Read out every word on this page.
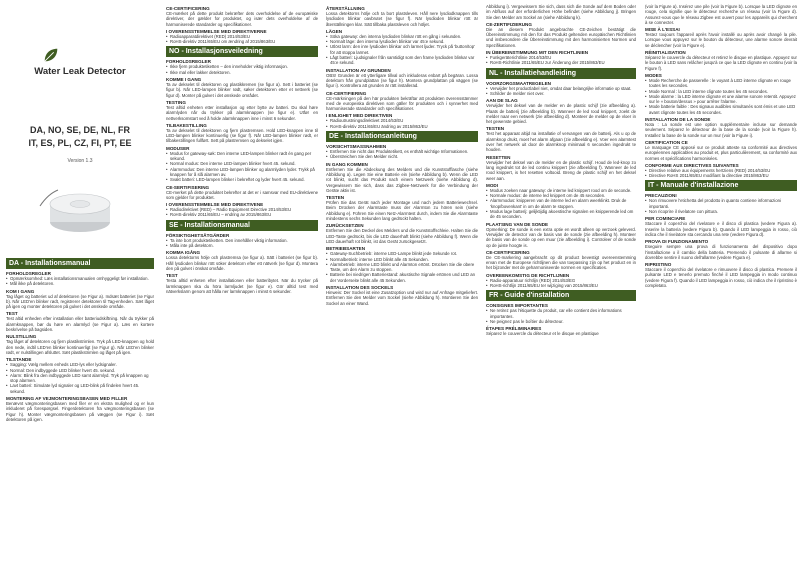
Water Leak Detector
DA, NO, SE, DE, NL, FR
IT, ES, PL, CZ, FI, PT, EE
Version 1.3
DA - Installationsmanual
FORHOLDSREGLER
• Opmærksomhed: Læs installationsmanualen omhyggeligt før installation.
• Mål ikke på detektoren.
KOM I GANG
Tag låget og batteriet ud af detektoren (se Figur a). Indsæt batteriet (se Figur b). Når LED'en blinker rødt, registrerer detektoren til Tag-enheden. Sæt låget på igen og monter detektoren på gulvet i det ønskede område.
TEST
Test altid enheden efter installation eller batteriudskiftning. Når du trykker på alarmknappen, bør du høre en alarmlyd (se Figur a). Læs en kortere beskrivelse på bagsiden.
NULSTILLING
Tag låget af detektoren og fjern plastikstrimlen. Tryk på LED-knappen og hold den nede, indtil LED'en blinker kontinuerligt (se Figur g). Når LED'en blinker rødt, er nulstillingen afsluttet. Sæt plastikstrimlen og låget på igen.
TILSTANDE
• Sagging: Vælg mellem enheds LED-lys eller lydsignaler.
• Normal: Den indbyggede LED blinker hvert 45. sekund.
• Alarm: Blink fra den indbyggede LED samt alarmlyd. Tryk på knappen og stop alarmen.
• Lavt batteri: Simulate lyd signaler og LED-blink på findelen hvert 45. sekund.
MONTERING AF VEJMONTERINGSBASEN MED FILLER
Benævnt vægmonteringsbasen med filer er en ekstra mulighed og er kun inkluderet på forespørgsel. Fingerdetektoren fra vægmonteringsbasen (se Figur h). Monter vægmonteringsbasen på væggen (se Figur i). Sæt detektoren på igen.
CE-CERTIFICERING
CE-mærket på dette produkt bekræfter dets overholdelse af de europæiske direktiver, der gælder for produktet, og især dets overholdelse af de harmoniserede standarder og specifikationer.
I OVERENSSTEMMELSE MED DIREKTIVERNE
• Radioapparatdirektivet (RED) 2014/53/EU
• RoHS-direktiv 2011/65/EU om ændring af 2015/863/EU
NO - Installasjonsveiledning
FORHOLDSREGLER
• Ikke fjern produktetiketten – den inneholder viktig informasjon.
• Ikke mal eller lakker detektoren.
KOMME I GANG
Ta av dekselet til detektoren og plastikkremen (se figur a). Sett i batteriet (se figur b). Når LED-lampen blinker rødt, søker detektoren etter et nettverk (se figur d). Monter på gulvet i det ønskede området.
TESTING
Test alltid enheten etter installasjon og etter bytte av batteri. Du skal høre alarmlyden når du trykker på alarmknappen (se figur e). Utfør en nettverksomstart ved å holde alarmknappen inne i minst 6 sekunder.
TILBAKESTILLING
Ta av dekselet til detektoren og fjern plastremsen. Hold LED-knappen inne til LED-lampen blinker kontinuerlig (se figur f). Når LED-lampen blinker rødt, er tilbakestillingen fullført. Sett på plastremsen og dekselet igjen.
MODUSER
• Modus for gateway-søk: Den interne LED-lampen blinker rødt én gang per sekund.
• Normal modus: Den interne LED-lampen blinker hvert 45. sekund.
• Alarmmodus: Den interne LED-lampen blinker og alarmlyden lyder. Trykk på knappen for å slå alarmen av.
• Svakt batteri: LED-lampen blinker i bekreftet og lyder hvert 45. sekund.
CE-SERTIFISERING
CE-merket på dette produktet bekrefter at det er i samsvar med EU-direktivene som gjelder for produktet.
I OVERENSSTEMMELSE MED DIREKTIVENE
• Radiodirektivet (RED) – Radio Equipment Directive 2014/53/EU
• RoHS-direktiv 2011/65/EU – endring av 2015/863/EU
SE - Installationsmanual
FÖRSIKTIGHETSÅTGÄRDER
• Ta inte bort produktetiketten. Den innehåller viktig information.
• Måla inte på detektorn.
KOMMA IGÅNG
Lossa detektorns hölje och plastremsa (se figur a). Sätt i batteriet (se figur b). Håll lysdioden blinkar rött söker detektorn efter ett nätverk (se figur d). Montera den på golvet i önskat område.
TEST
Testa alltid enheten efter installationen eller batteribytet. När du trycker på larmknappen ska du höra larmljudet (se figur e). Gör alltid test med nätverkslarm genom att hålla ner larmknappen i minst 6 sekunder.
ÅTERSTÄLLNING
Lossa detektorns hölje och ta bort plastsleven. Håll nere lysdiodknappen tills lysdioden blinkar oavbrutet (se figur f). När lysdioden blinkar rött är återställningen klar. Sätt tillbaka plastsleven och höljet.
LÄGEN
• Söka gateway: den interna lysdioden blinkar rött en gång i sekunden.
• Normalt läge: den interna lysdioden blinkar var 45:e sekund.
• Utlöst larm: den inre lysdioden blinkar och larmet ljuder. Tryck på 'button/top' för att stoppa larmet.
• Lågt batteri: Ljudsignaler från samtidigt som den frame lysdioden blinkar var 45:e sekund.
INSTALLATION AV GRUNDEN
OBS! Grunden är ett ytterligare tillval och inkluderas enbart på begäran. Lossa detektorn från grundplattan (se figur h). Montera grundplattan på väggen (se figur i). Kontrollera att grunden är rätt installerad.
CE-CERTIFIERING
CE-märkningen på den här produkten bekräftar att produkten överensstämmer med de europeiska direktiven som gäller för produkten och i synnerhet med harmoniserade standarder och specifikationer.
I ENLIGHET MED DIREKTIVEN
• Radioutrustningsdirektivet 2014/53/EU
• RoHS-direktiv 2011/65/EU ändring av 2015/863/EU
DE - Installationsanleitung
VORSICHTSMASSNAHMEN
• Entfernen Sie nicht das Produktetikett, es enthält wichtige Informationen.
• Überstreichen Sie den Melder nicht.
IN GANG KOMMEN
Entfernen Sie die Abdeckung des Melders und die Kunststofflasche (siehe Abbildung a). Legen Sie eine Batterie ein (siehe Abbildung b). Wenn die LED rot blinkt, sucht das Produkt nach einem Netzwerk (siehe Abbildung d). Vergewissern Sie sich, dass das Zigbee-Netzwerk für die Verbindung der Geräte aktiv ist.
TESTEN
Prüfen Sie das Gerät nach jeder Montage und nach jedem Batteriewechsel. Beim Drücken der Alarmtaste muss der Alarmton zu hören sein (siehe Abbildung e). Führen Sie einen Netz-Alarmtest durch, indem Sie die Alarmtaste mindestens sechs Sekunden lang gedrückt halten.
ZURÜCKSETZEN
Entfernen Sie den Deckel des Melders und die Kunststoffschleie. Halten Sie die LED-Taste gedrückt, bis die LED dauerhaft blinkt (siehe Abbildung f). Wenn die LED dauerhaft rot blinkt, ist das Gerät zurückgesetzt.
BETRIEBSARTEN
• Gateway-Suchbetrieb: interne LED-Lampe blinkt jede Sekunde rot.
• Normalbetrieb: interne LED blinkt alle 45 Sekunden.
• Alarmbetrieb: interne LED blinkt und Alarmton ertönt. Drücken Sie die obere Taste, um den Alarm zu stoppen.
• Batterie bei niedrigen Batteriestand: akustische Signale ertönen und LED an der Vorderseite blinkt alle 45 Sekunden.
INSTALLATION DES SOCKELS
Hinweis: Der Sockel ist eine Zusatzoption und wird nur auf Anfrage mitgeliefert. Entfernen Sie den Melder vom Sockel (siehe Abbildung h). Montieren Sie den Sockel an einer Wand.
Abbildung i). Vergewissern Sie sich, dass sich die Sonde auf dem Boden oder im Abfluss auf der erforderlichen Höhe befindet (siehe Abbildung j). Bringen Sie den Melder am Sockel an (siehe Abbildung k).
CE-ZERTIFIZIERUNG
Die an diesem Produkt angebrachte CE-Zeichen bestätigt die Übereinstimmung mit den für das Produkt geltenden europäischen Richtlinien und insbesondere die Übereinstimmung mit den harmonisierten Normen und Spezifikationen.
IN ÜBEREINSTIMMUNG MIT DEN RICHTLINIEN
• Funkgeräterichtlinie 2014/53/EU
• RoHS-Richtlinie 2011/65/EU zur Änderung der 2015/863/EU
NL - Installatiehandleiding
VOORZORGSMAATREGELEN
• Verwijder het productlabel niet, omdat daar belangrijke informatie op staat.
• Schilder de melder niet over.
AAN DE SLAG
Verwijder het deksel van de melder en de plastic schijf (zie afbeelding a). Plaats de batterij (zie afbeelding b). Wanneer de led rood knippert, zoekt de melder naar een netwerk (zie afbeelding d). Monteer de melder op de vloer in het gewenste gebied.
TESTEN
Test het apparaat altijd na installatie of vervangen van de batterij. Als u op de alarmknop drukt, moet het alarm afgaan (zie afbeelding e). Voer een alarmtest over het netwerk uit door de alarmknop minimaal 6 seconden ingedrukt te houden.
RESETTEN
Verwijder het deksel van de melder en de plastic schijf. Houd de led-knop zo lang ingedrukt tot de led continu knippert (zie afbeelding f). Wanneer de led rood knippert, is het resetten voltooid. Breng de plastic schijf en het deksel weer aan.
MODI
• Modus zoeken naar gateway: de interne led knippert rood om de seconde.
• Normale modus: de interne led knippert om de 45 seconden.
• Alarmmodus: knipperen van de interne led en alarm weerklinkt. Druk de 'knop/bovenkant' in om de alarm te stoppen.
• Modus lage batterij: gelijktijdig akoestische signalen en knipperende led om de 45 seconden.
PLAATSING VAN DE SONDE
Opmerking: De sonde is een extra optie en wordt alleen op verzoek geleverd. Verwijder de detector van de basis van de sonde (zie afbeelding h). Monteer de basis van de sonde op een muur (zie afbeelding i). Controleer of de sonde op de juiste hoogte is.
CE-CERTIFICERING
De CE-markering aangebracht op dit product bevestigt overeenstemming ervan met de Europese richtlijnen die van toepassing zijn op het product en in het bijzonder met de geharmoniseerde normen en specificaties.
OVEREENKOMSTIG DE RICHTLIJNEN
• Radio-apparatuur richtlijn (RED) 2014/53/EG
• RoHS-richtlijn 2011/65/EU ter wijziging van 2015/863/EU
FR - Guide d'installation
CONSIGNES IMPORTANTES
• Ne retirez pas l'étiquette du produit, car elle contient des informations importantes.
• Ne peignez pas le boîtier du détecteur.
ÉTAPES PRÉLIMINAIRES
Séparez le couvercle du détecteur et le disque en plastique
(voir la Figure a). Insérez une pile (voir la Figure b). Lorsque la LED clignote en rouge, cela signifie que le détecteur recherche un réseau (voir la Figure d). Assurez-vous que le réseau Zigbee est ouvert pour les appareils qui cherchent à se connecter.
MISE À L'ESSAI
Testez toujours l'appareil après l'avoir installé ou après avoir changé la pile. Lorsque vous appuyez sur le bouton du détecteur, une alarme sonore devrait se déclencher (voir la Figure e).
RÉINITIALISATION
Séparez le couvercle du détecteur et retirez le disque en plastique. Appuyez sur le bouton à LED sans relâcher jusqu'à ce que la LED clignote en continu (voir la Figure f).
MODES
• Mode Recherche de passerelle : le voyant à LED interne clignote en rouge toutes les secondes.
• Mode Normal : la LED interne clignote toutes les 45 secondes.
• Mode alarme : la LED interne clignote et une alarme sonore retentit. Appuyez sur le « bouton/dessus » pour arrêter l'alarme.
• Mode batterie faible : Des signaux audibles simultanés sont émis et une LED avant clignote toutes les 45 secondes.
INSTALLATION DE LA SONDE
Nota : La sonde est une option supplémentaire incluse sur demande seulement. Séparez le détecteur de la base de la sonde (voir la Figure h). Installez la base de la sonde sur un mur (voir la Figure i).
CERTIFICATION CE
Le marquage CE apposé sur ce produit atteste sa conformité aux directives européennes applicables au produit et, plus particulièrement, sa conformité aux normes et spécifications harmonisées.
CONFORME AUX DIRECTIVES SUIVANTES
• Directive relative aux équipements hertziens (RED) 2014/53/EU
• Directive RoHS 2011/65/EU modifiant la directive 2015/863/EU
IT - Manuale d'installazione
PRECAUZIONI
• Non rimuovere l'etichetta del prodotto in quanto contiene informazioni importanti.
• Non ricoprire il rivelatore con pittura.
PER COMINCIARE
Staccare il coperchio del rivelatore e il disco di plastica (vedere Figura a). Inserire la batteria (vedere Figura b). Quando il LED lampeggia in rosso, ciò indica che il rivelatore sta cercando una rete (vedere Figura d).
PROVA DI FUNZIONAMENTO
Eseguire sempre una prova di funzionamento del dispositivo dopo l'installazione o il cambio della batteria. Premendo il pulsante di allarme si dovrebbe sentire il suono dell'allarme (vedere Figura e).
RIPRISTINO
Staccare il coperchio del rivelatore e rimuovere il disco di plastica. Premere il pulsante LED e tenerlo premuto finché il LED lampeggia in modo continuo (vedere Figura f). Quando il LED lampeggia in rosso, ciò indica che il ripristino è completato.
